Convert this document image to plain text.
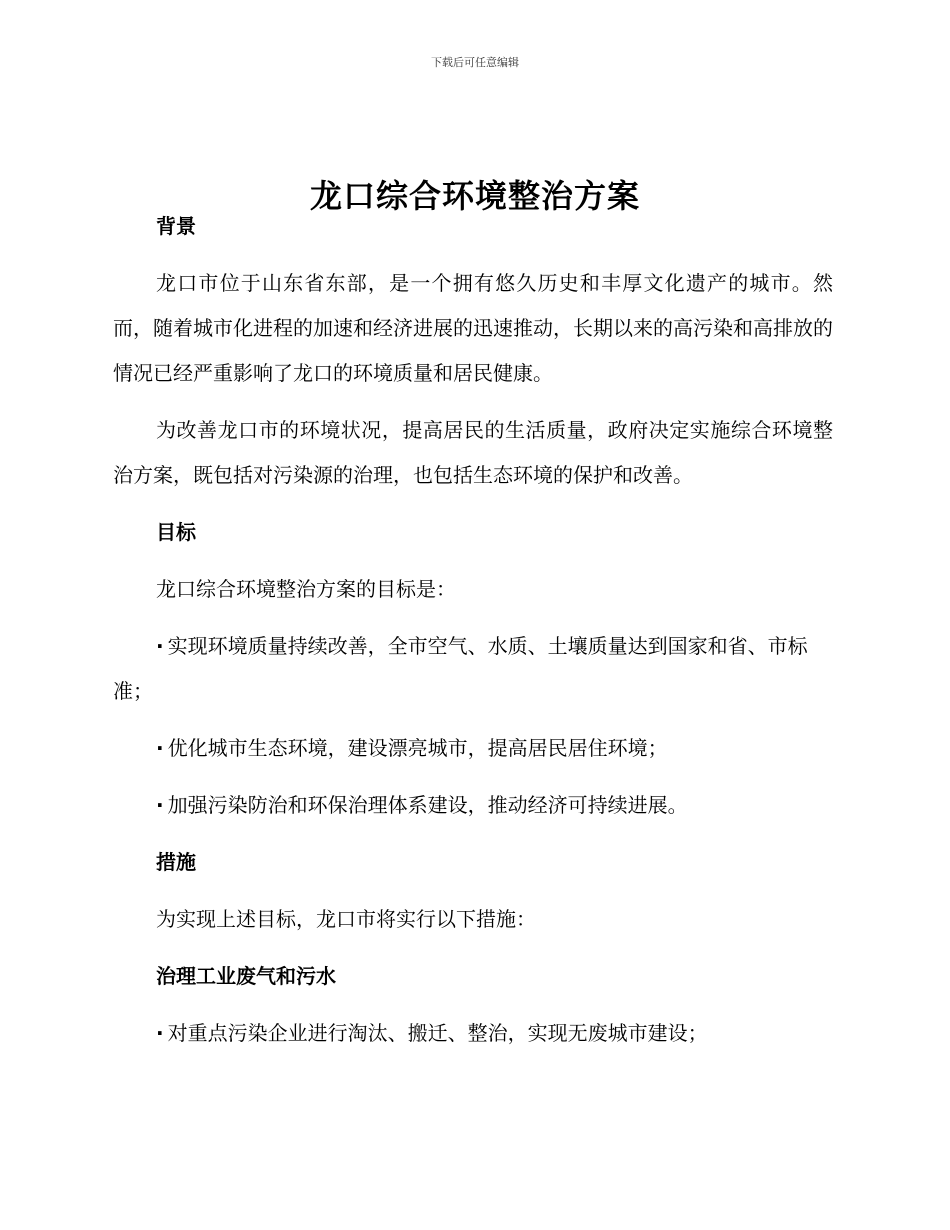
下载后可任意编辑
龙口综合环境整治方案

背景

龙口市位于山东省东部，是一个拥有悠久历史和丰厚文化遗产的城市。然而，随着城市化进程的加速和经济进展的迅速推动，长期以来的高污染和高排放的情况已经严重影响了龙口的环境质量和居民健康。

为改善龙口市的环境状况，提高居民的生活质量，政府决定实施综合环境整治方案，既包括对污染源的治理，也包括生态环境的保护和改善。

目标

龙口综合环境整治方案的目标是：

· 实现环境质量持续改善，全市空气、水质、土壤质量达到国家和省、市标准；

· 优化城市生态环境，建设漂亮城市，提高居民居住环境；

· 加强污染防治和环保治理体系建设，推动经济可持续进展。

措施

为实现上述目标，龙口市将实行以下措施：

治理工业废气和污水

· 对重点污染企业进行淘汰、搬迁、整治，实现无废城市建设；
